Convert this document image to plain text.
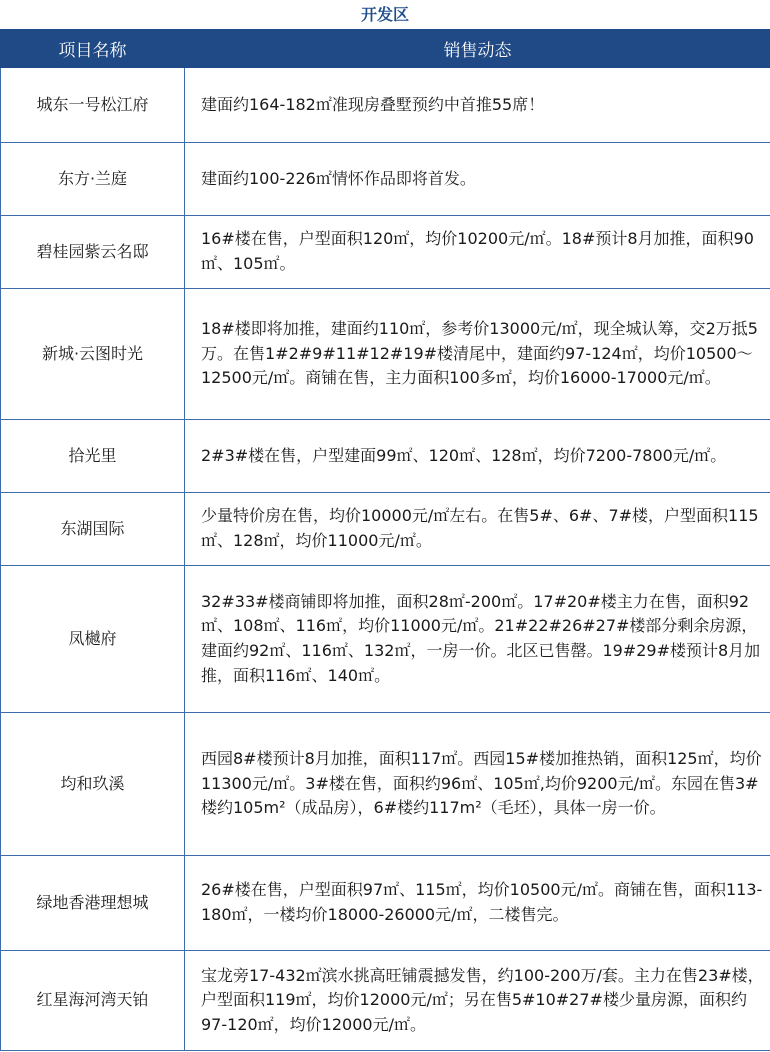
开发区
项目名称	销售动态
城东一号松江府	建面约164-182㎡准现房叠墅预约中首推55席！
东方·兰庭	建面约100-226㎡情怀作品即将首发。
碧桂园紫云名邸	16#楼在售，户型面积120㎡，均价10200元/㎡。18#预计8月加推，面积90㎡、105㎡。
新城·云图时光	18#楼即将加推，建面约110㎡，参考价13000元/㎡，现全城认筹，交2万抵5万。在售1#2#9#11#12#19#楼清尾中，建面约97-124㎡，均价10500～12500元/㎡。商铺在售，主力面积100多㎡，均价16000-17000元/㎡。
拾光里	2#3#楼在售，户型建面99㎡、120㎡、128㎡，均价7200-7800元/㎡。
东湖国际	少量特价房在售，均价10000元/㎡左右。在售5#、6#、7#楼，户型面积115㎡、128㎡，均价11000元/㎡。
凤樾府	32#33#楼商铺即将加推，面积28㎡-200㎡。17#20#楼主力在售，面积92㎡、108㎡、116㎡，均价11000元/㎡。21#22#26#27#楼部分剩余房源，建面约92㎡、116㎡、132㎡，一房一价。北区已售罄。19#29#楼预计8月加推，面积116㎡、140㎡。
均和玖溪	西园8#楼预计8月加推，面积117㎡。西园15#楼加推热销，面积125㎡，均价11300元/㎡。3#楼在售，面积约96㎡、105㎡,均价9200元/㎡。东园在售3#楼约105m²（成品房），6#楼约117m²（毛坯），具体一房一价。
绿地香港理想城	26#楼在售，户型面积97㎡、115㎡，均价10500元/㎡。商铺在售，面积113-180㎡，一楼均价18000-26000元/㎡，二楼售完。
红星海河湾天铂	宝龙旁17-432㎡滨水挑高旺铺震撼发售，约100-200万/套。主力在售23#楼，户型面积119㎡，均价12000元/㎡；另在售5#10#27#楼少量房源，面积约97-120㎡，均价12000元/㎡。
